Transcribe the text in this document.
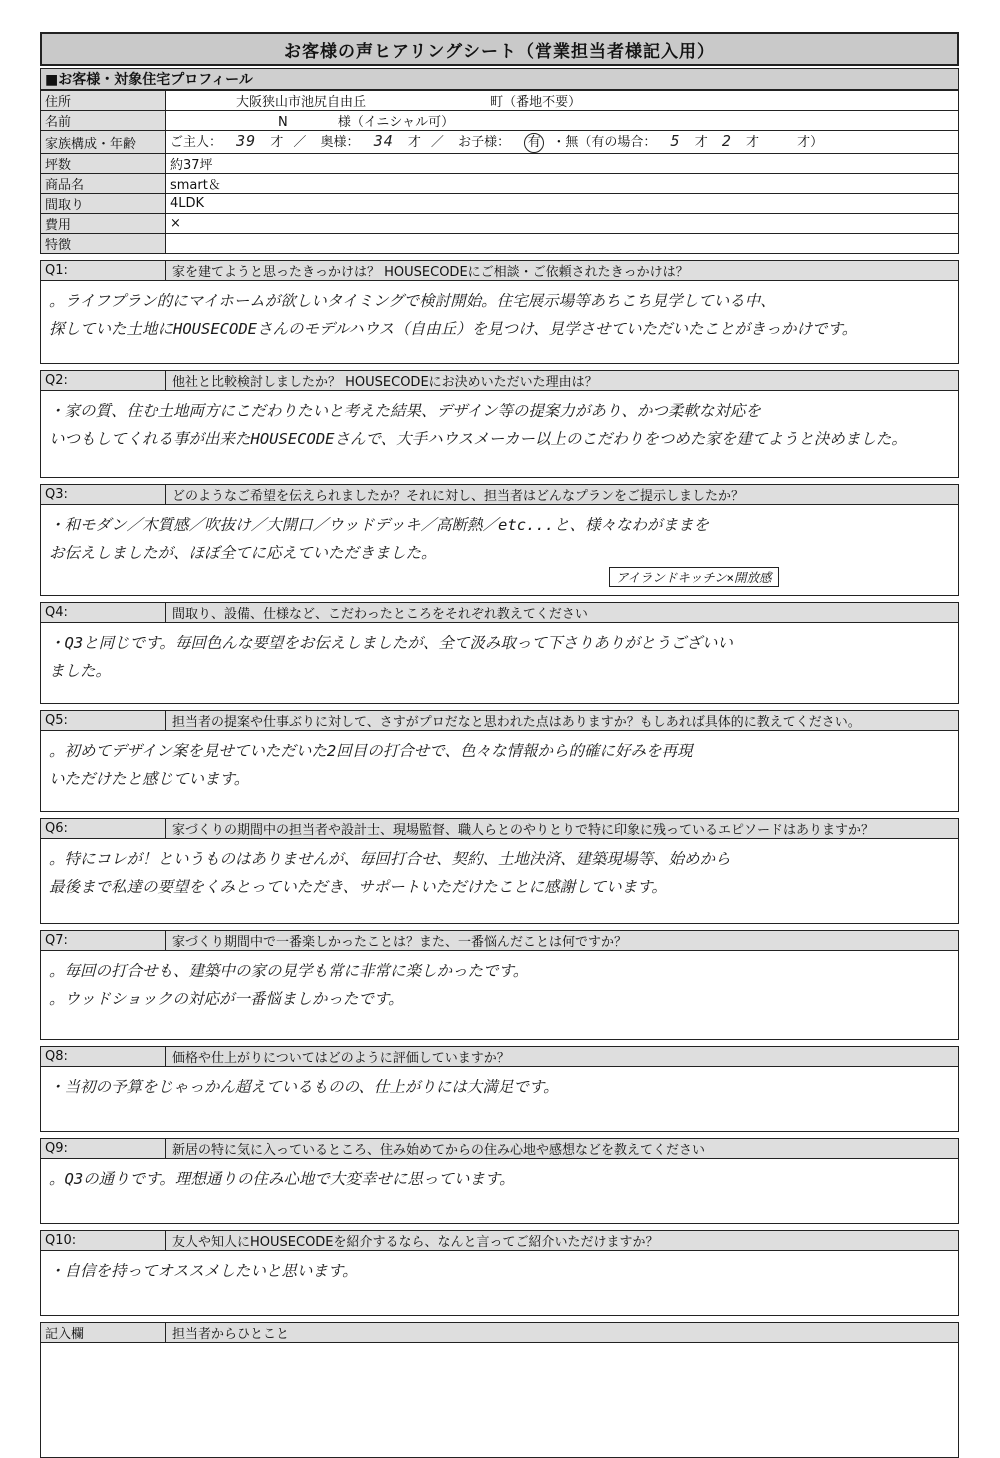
お客様の声ヒアリングシート（営業担当者様記入用）
■お客様・対象住宅プロフィール
住所	大阪狭山市池尻自由丘 町（番地不要）
名前	N 様（イニシャル可）
家族構成・年齢	ご主人： 39 才 ／ 奥様： 34 才 ／ お子様： 有 ・無（有の場合： 5 才 2 才 才）
坪数	約37坪
商品名	smart＆
間取り	4LDK
費用	×
特徴	
Q1:	家を建てようと思ったきっかけは？ HOUSECODEにご相談・ご依頼されたきっかけは？
。ライフプラン的にマイホームが欲しいタイミングで検討開始。住宅展示場等あちこち見学している中、
探していた土地にHOUSECODEさんのモデルハウス（自由丘）を見つけ、見学させていただいたことがきっかけです。
Q2:	他社と比較検討しましたか？ HOUSECODEにお決めいただいた理由は？
・家の質、住む土地両方にこだわりたいと考えた結果、デザイン等の提案力があり、かつ柔軟な対応を
いつもしてくれる事が出来たHOUSECODEさんで、大手ハウスメーカー以上のこだわりをつめた家を建てようと決めました。
Q3:	どのようなご希望を伝えられましたか？それに対し、担当者はどんなプランをご提示しましたか？
・和モダン／木質感／吹抜け／大開口／ウッドデッキ／高断熱／etc...と、様々なわがままを
お伝えしましたが、ほぼ全てに応えていただきました。
アイランドキッチン×開放感
Q4:	間取り、設備、仕様など、こだわったところをそれぞれ教えてください
・Q3と同じです。毎回色んな要望をお伝えしましたが、全て汲み取って下さりありがとうございい
ました。
Q5:	担当者の提案や仕事ぶりに対して、さすがプロだなと思われた点はありますか？もしあれば具体的に教えてください。
。初めてデザイン案を見せていただいた2回目の打合せで、色々な情報から的確に好みを再現
いただけたと感じています。
Q6:	家づくりの期間中の担当者や設計士、現場監督、職人らとのやりとりで特に印象に残っているエピソードはありますか？
。特にコレが！というものはありませんが、毎回打合せ、契約、土地決済、建築現場等、始めから
最後まで私達の要望をくみとっていただき、サポートいただけたことに感謝しています。
Q7:	家づくり期間中で一番楽しかったことは？また、一番悩んだことは何ですか？
。毎回の打合せも、建築中の家の見学も常に非常に楽しかったです。
。ウッドショックの対応が一番悩ましかったです。
Q8:	価格や仕上がりについてはどのように評価していますか？
・当初の予算をじゃっかん超えているものの、仕上がりには大満足です。
Q9:	新居の特に気に入っているところ、住み始めてからの住み心地や感想などを教えてください
。Q3の通りです。理想通りの住み心地で大変幸せに思っています。
Q10:	友人や知人にHOUSECODEを紹介するなら、なんと言ってご紹介いただけますか？
・自信を持ってオススメしたいと思います。
記入欄	担当者からひとこと
